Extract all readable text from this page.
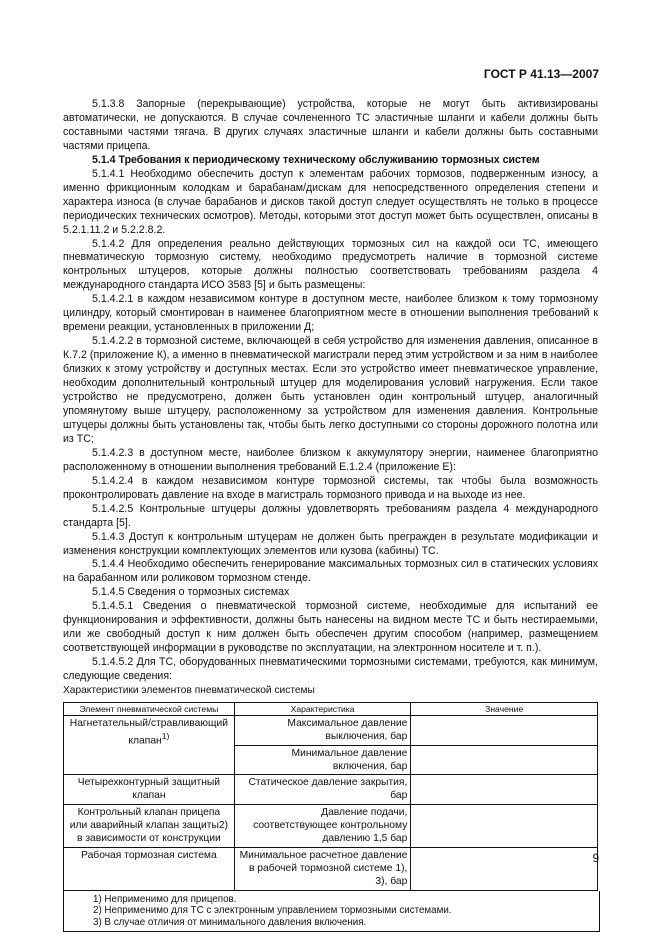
ГОСТ Р 41.13—2007

5.1.3.8 Запорные (перекрывающие) устройства, которые не могут быть активизированы автоматически, не допускаются. В случае сочлененного ТС эластичные шланги и кабели должны быть составными частями тягача. В других случаях эластичные шланги и кабели должны быть составными частями прицепа.

5.1.4 Требования к периодическому техническому обслуживанию тормозных систем

5.1.4.1 Необходимо обеспечить доступ к элементам рабочих тормозов, подверженным износу, а именно фрикционным колодкам и барабанам/дискам для непосредственного определения степени и характера износа (в случае барабанов и дисков такой доступ следует осуществлять не только в процессе периодических технических осмотров). Методы, которыми этот доступ может быть осуществлен, описаны в 5.2.1.11.2 и 5.2.2.8.2.

5.1.4.2 Для определения реально действующих тормозных сил на каждой оси ТС, имеющего пневматическую тормозную систему, необходимо предусмотреть наличие в тормозной системе контрольных штуцеров, которые должны полностью соответствовать требованиям раздела 4 международного стандарта ИСО 3583 [5] и быть размещены:

5.1.4.2.1 в каждом независимом контуре в доступном месте, наиболее близком к тому тормозному цилиндру, который смонтирован в наименее благоприятном месте в отношении выполнения требований к времени реакции, установленных в приложении Д;

5.1.4.2.2 в тормозной системе, включающей в себя устройство для изменения давления, описанное в К.7.2 (приложение К), а именно в пневматической магистрали перед этим устройством и за ним в наиболее близких к этому устройству и доступных местах. Если это устройство имеет пневматическое управление, необходим дополнительный контрольный штуцер для моделирования условий нагружения. Если такое устройство не предусмотрено, должен быть установлен один контрольный штуцер, аналогичный упомянутому выше штуцеру, расположенному за устройством для изменения давления. Контрольные штуцеры должны быть установлены так, чтобы быть легко доступными со стороны дорожного полотна или из ТС;

5.1.4.2.3 в доступном месте, наиболее близком к аккумулятору энергии, наименее благоприятно расположенному в отношении выполнения требований Е.1.2.4 (приложение Е):

5.1.4.2.4 в каждом независимом контуре тормозной системы, так чтобы была возможность проконтролировать давление на входе в магистраль тормозного привода и на выходе из нее.

5.1.4.2.5 Контрольные штуцеры должны удовлетворять требованиям раздела 4 международного стандарта [5].

5.1.4.3 Доступ к контрольным штуцерам не должен быть прегражден в результате модификации и изменения конструкции комплектующих элементов или кузова (кабины) ТС.

5.1.4.4 Необходимо обеспечить генерирование максимальных тормозных сил в статических условиях на барабанном или роликовом тормозном стенде.

5.1.4.5 Сведения о тормозных системах

5.1.4.5.1 Сведения о пневматической тормозной системе, необходимые для испытаний ее функционирования и эффективности, должны быть нанесены на видном месте ТС и быть нестираемыми, или же свободный доступ к ним должен быть обеспечен другим способом (например, размещением соответствующей информации в руководстве по эксплуатации, на электронном носителе и т. п.).

5.1.4.5.2 Для ТС, оборудованных пневматическими тормозными системами, требуются, как минимум, следующие сведения:

Характеристики элементов пневматической системы

Элемент пневматической системы	Характеристика	Значение
Нагнетательный/стравливающий клапан$^{1)}$	Максимальное давление выключения, бар	
	Минимальное давление включения, бар	
Четырехконтурный защитный клапан	Статическое давление закрытия, бар	
Контрольный клапан прицепа или аварийный клапан защиты2) в зависимости от конструкции	Давление подачи, соответствующее контрольному давлению 1,5 бар	
Рабочая тормозная система	Минимальное расчетное давление в рабочей тормозной системе 1), 3), бар	
1) Неприменимо для прицепов.
2) Неприменимо для ТС с электронным управлением тормозными системами.
3) В случае отличия от минимального давления включения.
9
